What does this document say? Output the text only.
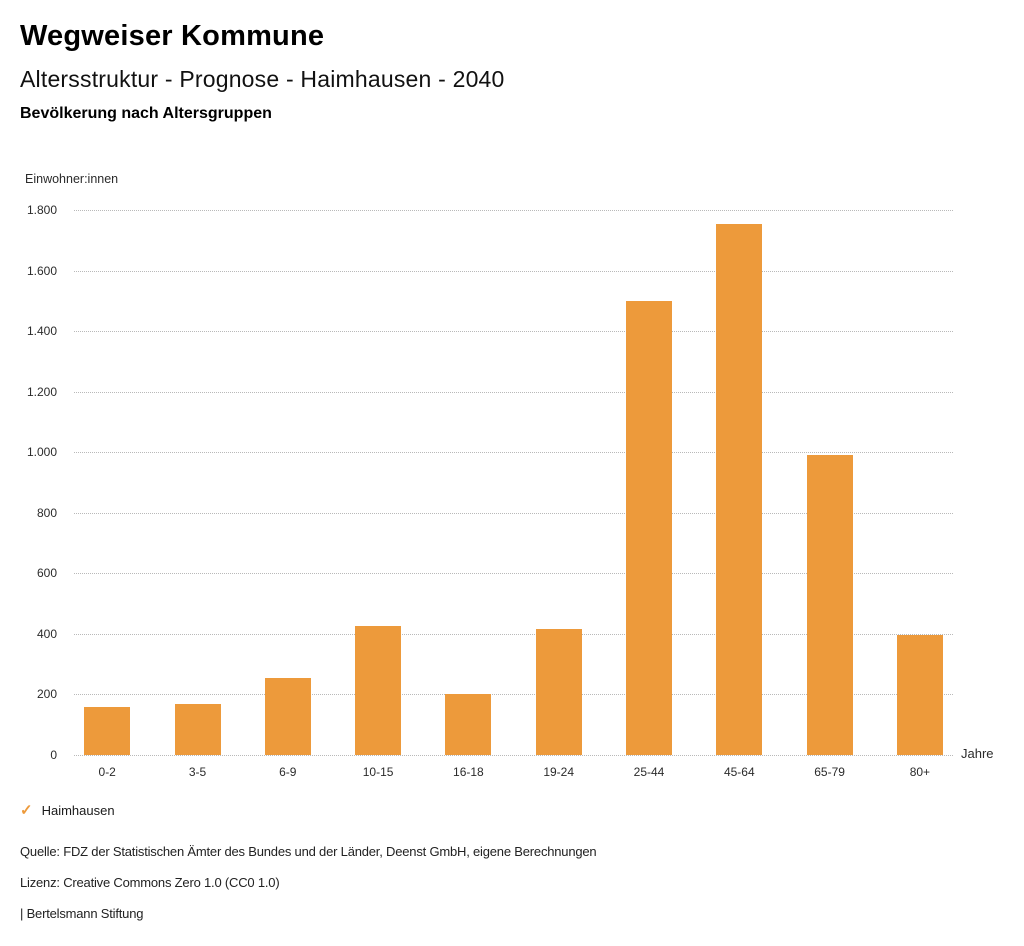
Wegweiser Kommune
Altersstruktur - Prognose - Haimhausen - 2040
Bevölkerung nach Altersgruppen
Einwohner:innen
0
200
400
600
800
1.000
1.200
1.400
1.600
1.800
0-2	3-5	6-9	10-15	16-18	19-24	25-44	45-64	65-79	80+
Jahre
✓ Haimhausen
Quelle: FDZ der Statistischen Ämter des Bundes und der Länder, Deenst GmbH, eigene Berechnungen
Lizenz: Creative Commons Zero 1.0 (CC0 1.0)
| Bertelsmann Stiftung
